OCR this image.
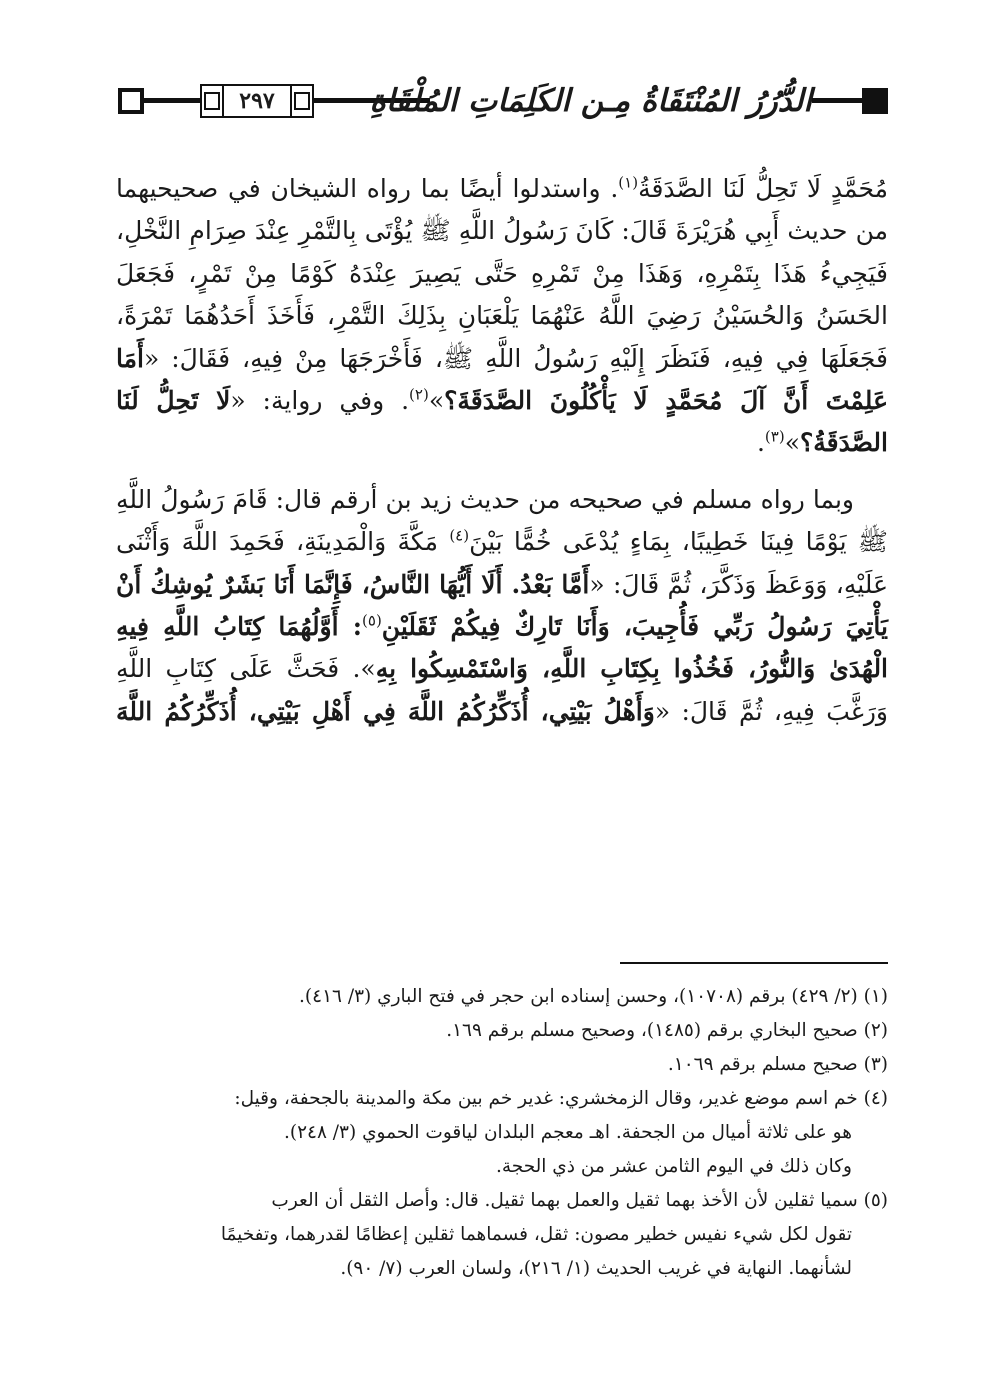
٢٩٧	الدُّرُرُ المُنْتَقَاةُ مِـن الكَلِمَاتِ المُلْقَاةِ

مُحَمَّدٍ لَا تَحِلُّ لَنَا الصَّدَقَةُ$^{(١)}$. واستدلوا أيضًا بما رواه الشيخان في صحيحيهما من حديث أَبِي هُرَيْرَةَ قَالَ: كَانَ رَسُولُ اللَّهِ ﷺ يُؤْتَى بِالتَّمْرِ عِنْدَ صِرَامِ النَّخْلِ، فَيَجِيءُ هَذَا بِتَمْرِهِ، وَهَذَا مِنْ تَمْرِهِ حَتَّى يَصِيرَ عِنْدَهُ كَوْمًا مِنْ تَمْرٍ، فَجَعَلَ الحَسَنُ وَالحُسَيْنُ رَضِيَ اللَّهُ عَنْهُمَا يَلْعَبَانِ بِذَلِكَ التَّمْرِ، فَأَخَذَ أَحَدُهُمَا تَمْرَةً، فَجَعَلَهَا فِي فِيهِ، فَنَظَرَ إِلَيْهِ رَسُولُ اللَّهِ ﷺ، فَأَخْرَجَهَا مِنْ فِيهِ، فَقَالَ: «أَمَا عَلِمْتَ أَنَّ آلَ مُحَمَّدٍ لَا يَأْكُلُونَ الصَّدَقَةَ؟»$^{(٢)}$. وفي رواية: «لَا تَحِلُّ لَنَا الصَّدَقَةُ؟»$^{(٣)}$.

وبما رواه مسلم في صحيحه من حديث زيد بن أرقم قال: قَامَ رَسُولُ اللَّهِ ﷺ يَوْمًا فِينَا خَطِيبًا، بِمَاءٍ يُدْعَى خُمًّا بَيْنَ$^{(٤)}$ مَكَّةَ وَالْمَدِينَةِ، فَحَمِدَ اللَّهَ وَأَثْنَى عَلَيْهِ، وَوَعَظَ وَذَكَّرَ، ثُمَّ قَالَ: «أَمَّا بَعْدُ. أَلَا أَيُّهَا النَّاسُ، فَإِنَّمَا أَنَا بَشَرٌ يُوشِكُ أَنْ يَأْتِيَ رَسُولُ رَبِّي فَأُجِيبَ، وَأَنَا تَارِكٌ فِيكُمْ ثَقَلَيْنِ$^{(٥)}$: أَوَّلُهُمَا كِتَابُ اللَّهِ فِيهِ الْهُدَىٰ وَالنُّورُ، فَخُذُوا بِكِتَابِ اللَّهِ، وَاسْتَمْسِكُوا بِهِ». فَحَثَّ عَلَى كِتَابِ اللَّهِ وَرَغَّبَ فِيهِ، ثُمَّ قَالَ: «وَأَهْلُ بَيْتِي، أُذَكِّرُكُمُ اللَّهَ فِي أَهْلِ بَيْتِي، أُذَكِّرُكُمُ اللَّهَ

(١) (٢/ ٤٢٩) برقم (١٠٧٠٨)، وحسن إسناده ابن حجر في فتح الباري (٣/ ٤١٦).

(٢) صحيح البخاري برقم (١٤٨٥)، وصحيح مسلم برقم ١٦٩.

(٣) صحيح مسلم برقم ١٠٦٩.

(٤) خم اسم موضع غدير، وقال الزمخشري: غدير خم بين مكة والمدينة بالجحفة، وقيل:
هو على ثلاثة أميال من الجحفة. اهـ معجم البلدان لياقوت الحموي (٣/ ٢٤٨).
وكان ذلك في اليوم الثامن عشر من ذي الحجة.

(٥) سميا ثقلين لأن الأخذ بهما ثقيل والعمل بهما ثقيل. قال: وأصل الثقل أن العرب
تقول لكل شيء نفيس خطير مصون: ثقل، فسماهما ثقلين إعظامًا لقدرهما، وتفخيمًا
لشأنهما. النهاية في غريب الحديث (١/ ٢١٦)، ولسان العرب (٧/ ٩٠).
